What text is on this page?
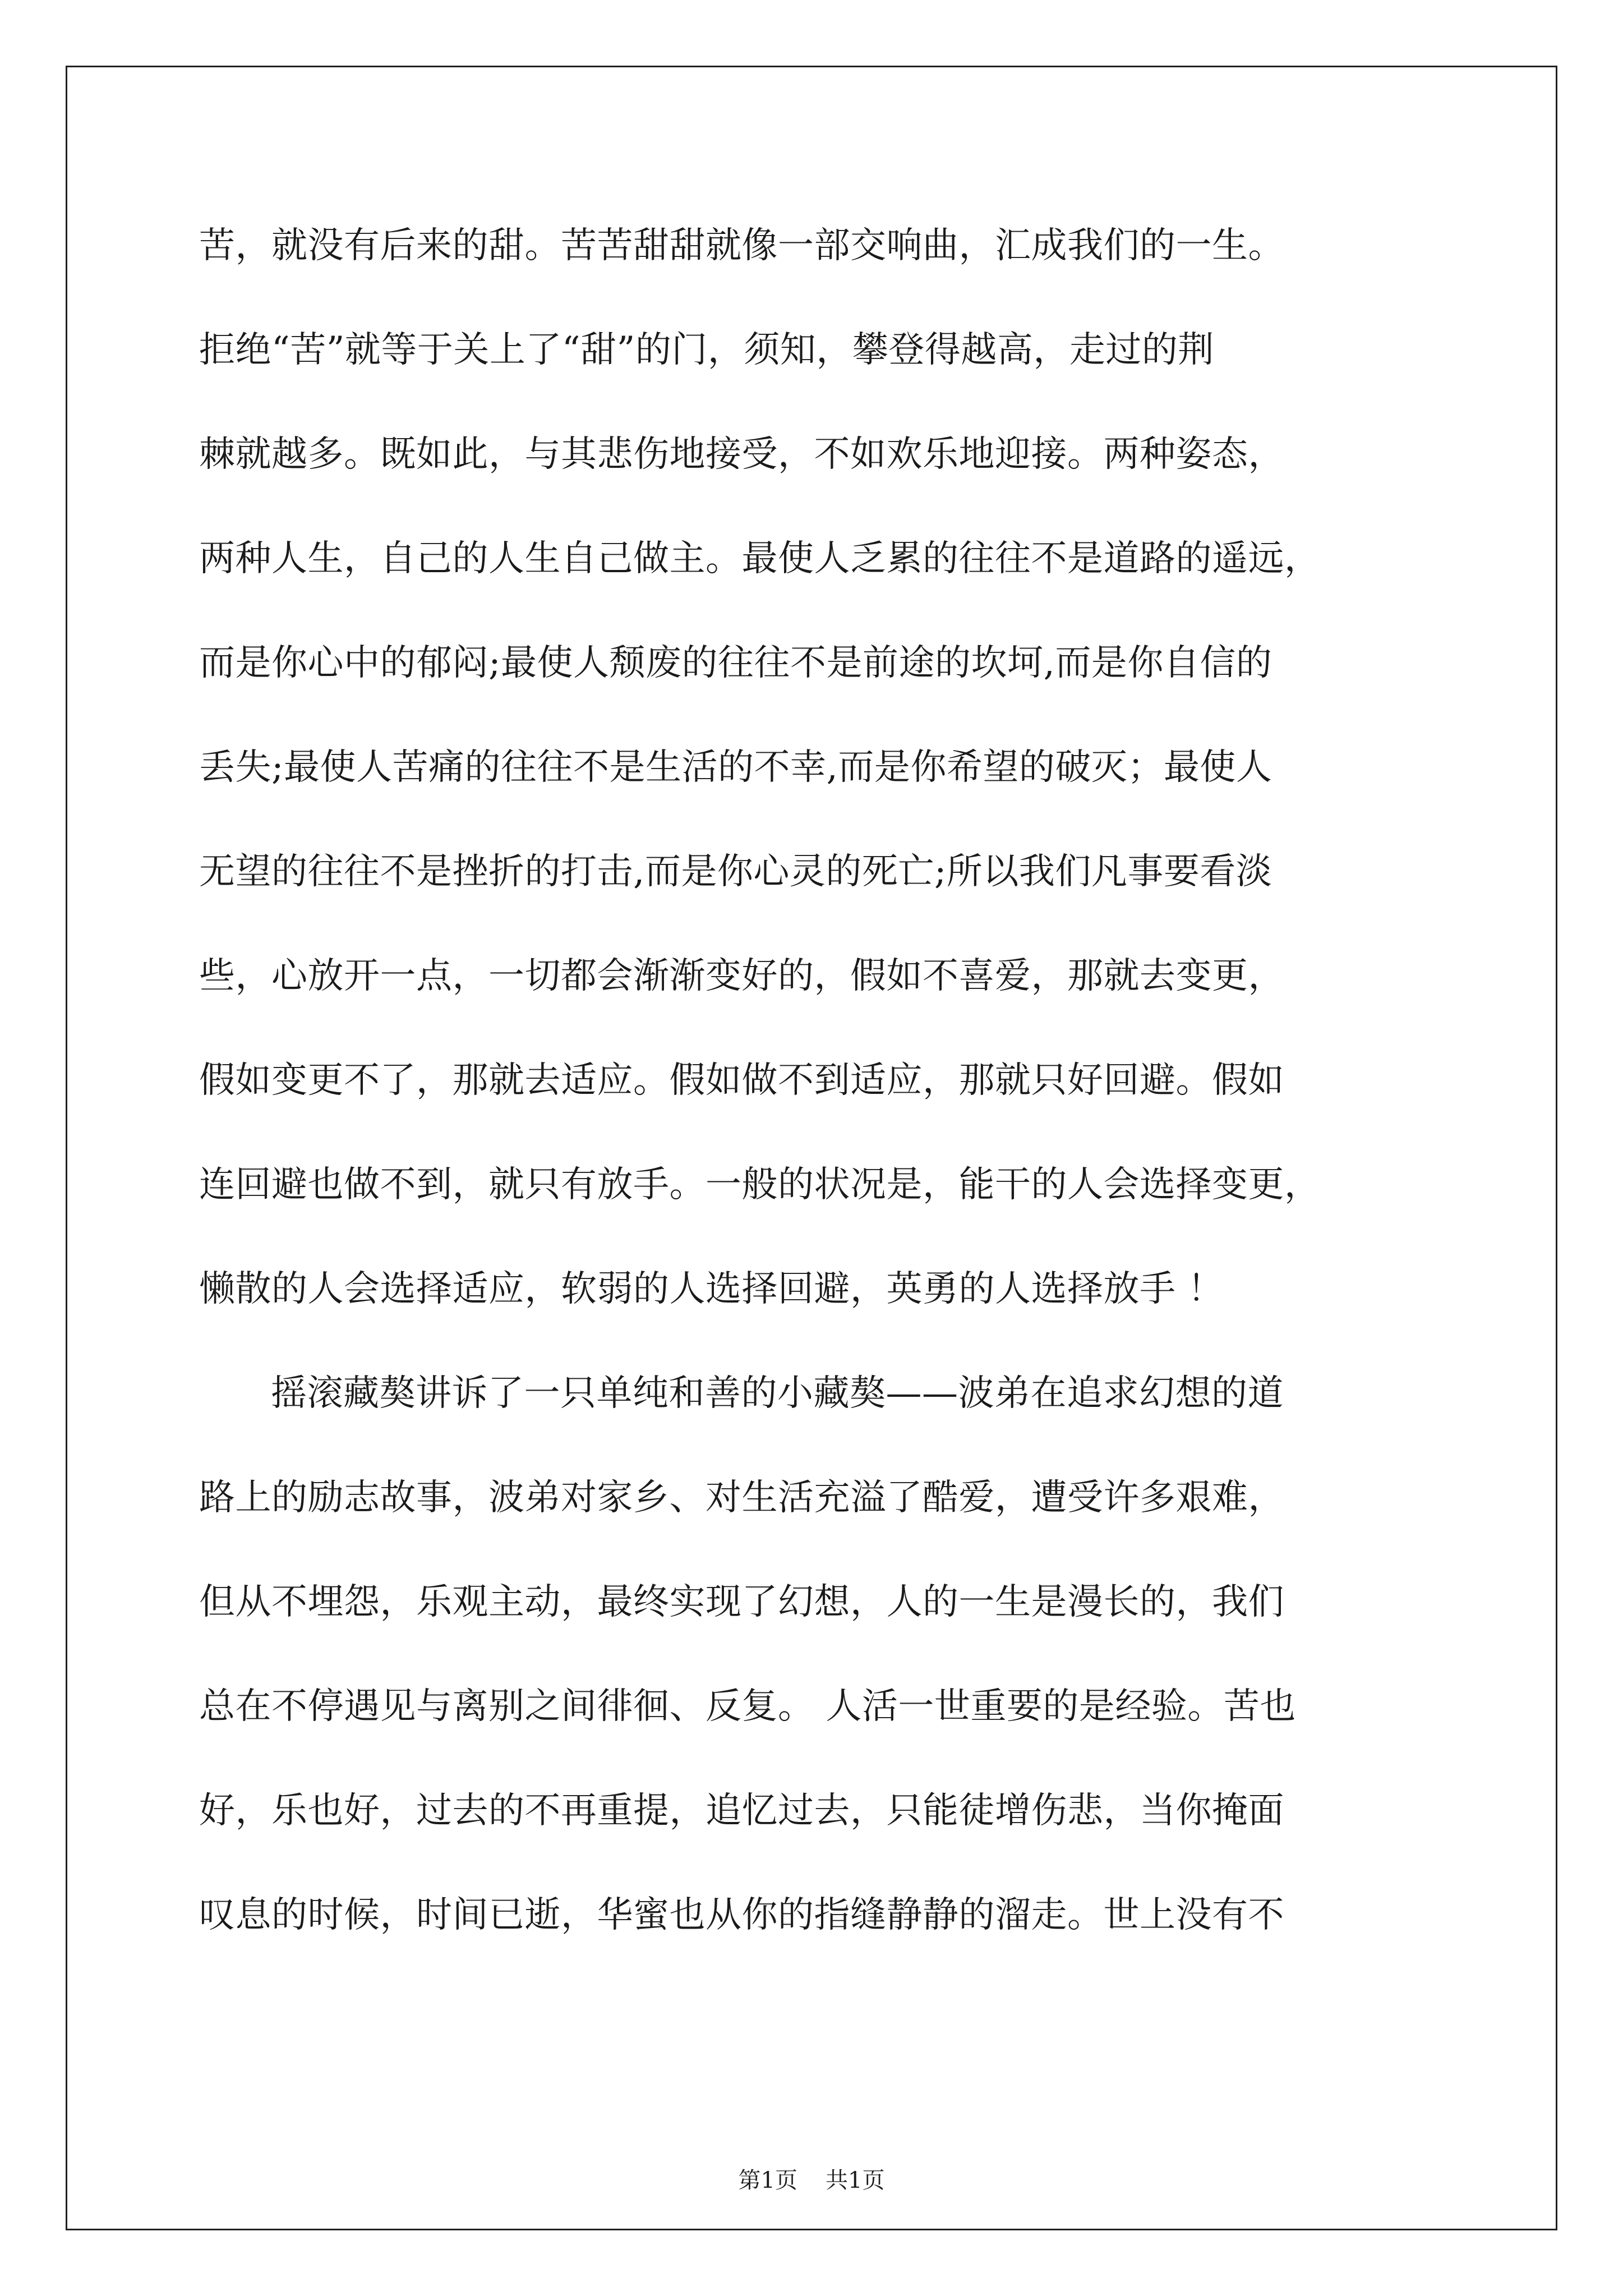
苦，就没有后来的甜。苦苦甜甜就像一部交响曲，汇成我们的一生。
拒绝“苦”就等于关上了“甜”的门，须知，攀登得越高，走过的荆
棘就越多。既如此，与其悲伤地接受，不如欢乐地迎接。两种姿态，
两种人生，自己的人生自己做主。最使人乏累的往往不是道路的遥远，
而是你心中的郁闷;最使人颓废的往往不是前途的坎坷,而是你自信的
丢失;最使人苦痛的往往不是生活的不幸,而是你希望的破灭；最使人
无望的往往不是挫折的打击,而是你心灵的死亡;所以我们凡事要看淡
些，心放开一点，一切都会渐渐变好的，假如不喜爱，那就去变更，
假如变更不了，那就去适应。假如做不到适应，那就只好回避。假如
连回避也做不到，就只有放手。一般的状况是，能干的人会选择变更，
懒散的人会选择适应，软弱的人选择回避，英勇的人选择放手 ！
摇滚藏獒讲诉了一只单纯和善的小藏獒——波弟在追求幻想的道
路上的励志故事，波弟对家乡、对生活充溢了酷爱，遭受许多艰难，
但从不埋怨，乐观主动，最终实现了幻想，人的一生是漫长的，我们
总在不停遇见与离别之间徘徊、反复。 人活一世重要的是经验。苦也
好，乐也好，过去的不再重提，追忆过去，只能徒增伤悲，当你掩面
叹息的时候，时间已逝，华蜜也从你的指缝静静的溜走。世上没有不
第1页 共1页
